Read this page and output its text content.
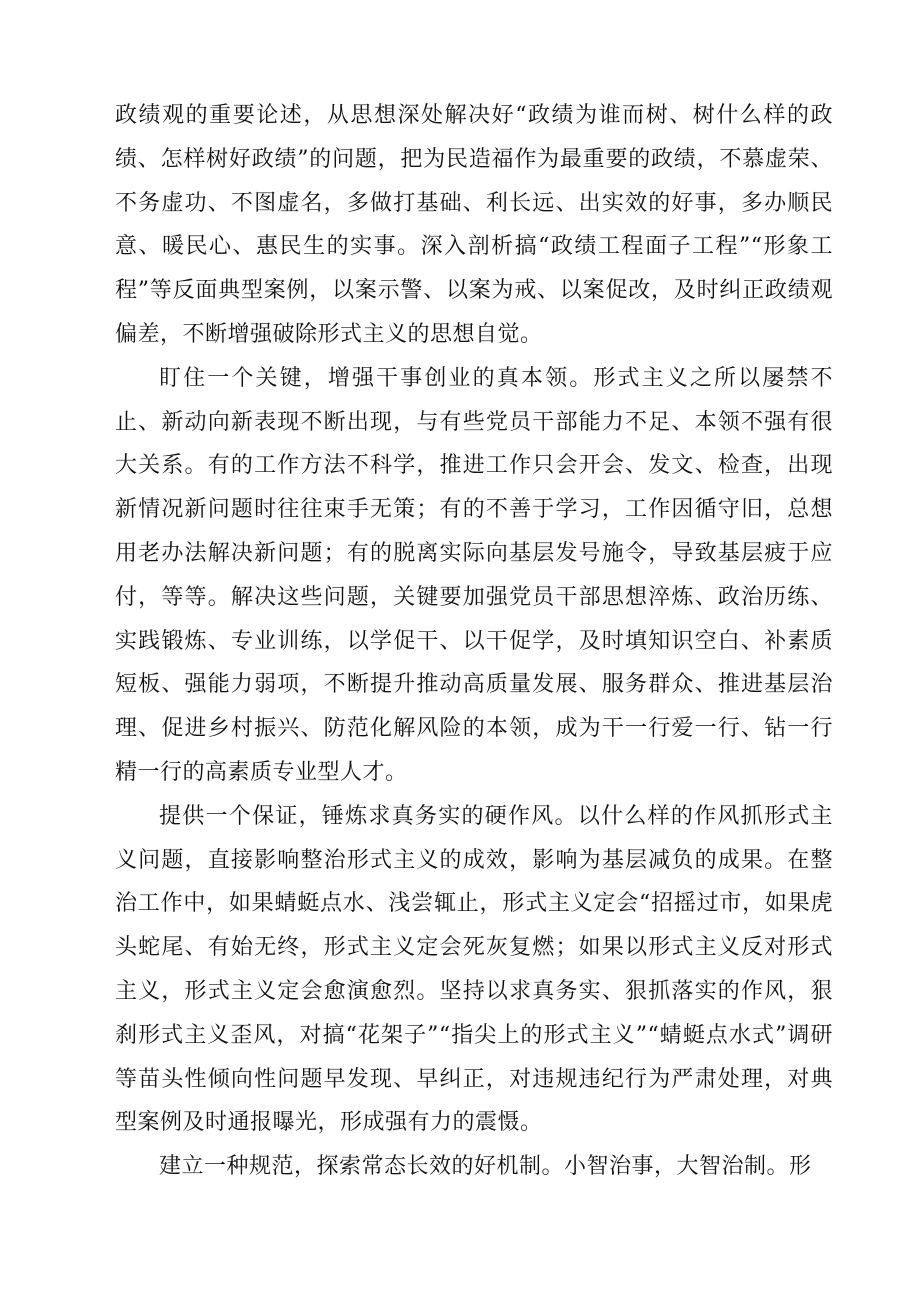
政绩观的重要论述，从思想深处解决好“政绩为谁而树、树什么样的政绩、怎样树好政绩”的问题，把为民造福作为最重要的政绩，不慕虚荣、不务虚功、不图虚名，多做打基础、利长远、出实效的好事，多办顺民意、暖民心、惠民生的实事。深入剖析搞“政绩工程面子工程”“形象工程”等反面典型案例，以案示警、以案为戒、以案促改，及时纠正政绩观偏差，不断增强破除形式主义的思想自觉。

盯住一个关键，增强干事创业的真本领。形式主义之所以屡禁不止、新动向新表现不断出现，与有些党员干部能力不足、本领不强有很大关系。有的工作方法不科学，推进工作只会开会、发文、检查，出现新情况新问题时往往束手无策；有的不善于学习，工作因循守旧，总想用老办法解决新问题；有的脱离实际向基层发号施令，导致基层疲于应付，等等。解决这些问题，关键要加强党员干部思想淬炼、政治历练、实践锻炼、专业训练，以学促干、以干促学，及时填知识空白、补素质短板、强能力弱项，不断提升推动高质量发展、服务群众、推进基层治理、促进乡村振兴、防范化解风险的本领，成为干一行爱一行、钻一行精一行的高素质专业型人才。

提供一个保证，锤炼求真务实的硬作风。以什么样的作风抓形式主义问题，直接影响整治形式主义的成效，影响为基层减负的成果。在整治工作中，如果蜻蜓点水、浅尝辄止，形式主义定会“招摇过市，如果虎头蛇尾、有始无终，形式主义定会死灰复燃；如果以形式主义反对形式主义，形式主义定会愈演愈烈。坚持以求真务实、狠抓落实的作风，狠刹形式主义歪风，对搞“花架子”“指尖上的形式主义”“蜻蜓点水式”调研等苗头性倾向性问题早发现、早纠正，对违规违纪行为严肃处理，对典型案例及时通报曝光，形成强有力的震慑。

建立一种规范，探索常态长效的好机制。小智治事，大智治制。形
